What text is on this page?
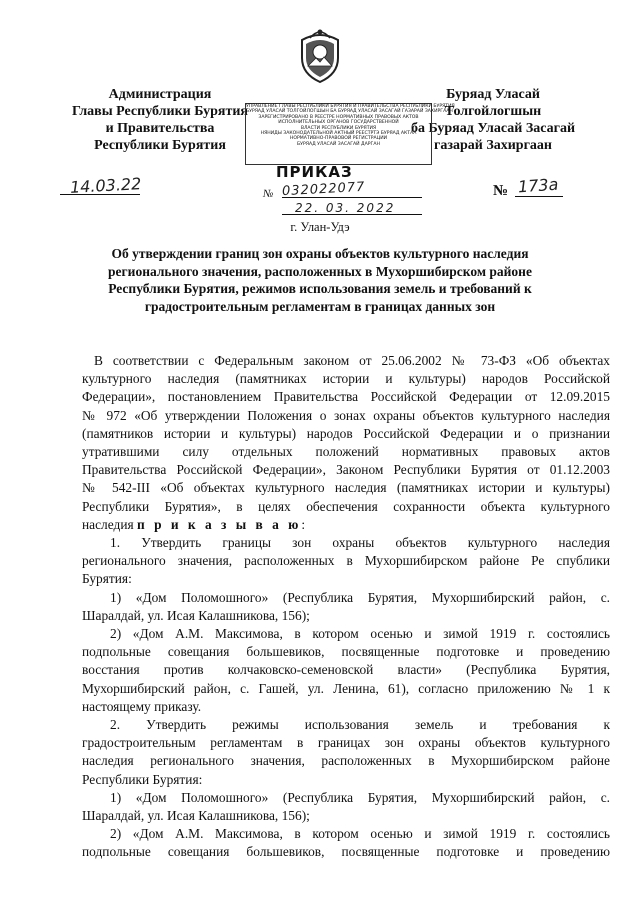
Администрация
Главы Республики Бурятия
и Правительства
Республики Бурятия
Буряад Уласай
Толгойлогшын
ба Буряад Уласай Засагай
газарай Захиргаан
УПРАВЛЕНИЕ ГЛАВЫ РЕСПУБЛИКИ БУРЯТИЯ И ПРАВИТЕЛЬСТВА РЕСПУБЛИКИ БУРЯТИЯ
БУРЯАД УЛАСАЙ ТОЛГОЙЛОГШЫН БА БУРЯАД УЛАСАЙ ЗАСАГАЙ ГАЗАРАЙ ЗАХИРГААН
ЗАРЕГИСТРИРОВАНО В РЕЕСТРЕ НОРМАТИВНЫХ ПРАВОВЫХ АКТОВ
ИСПОЛНИТЕЛЬНЫХ ОРГАНОВ ГОСУДАРСТВЕННОЙ
ВЛАСТИ РЕСПУБЛИКИ БУРЯТИЯ
НЯНИДЫ ЗАКОНОДАТЕЛЬНОЙ АКТНЫЙ РЕЕСТРТЭ БУРЯАД АКТАА
НОРМАТИВНО-ПРАВОВОЙ РЕГИСТРАЦИИ
БУРЯАД УЛАСАЙ ЗАСАГАЙ ДАРГАН
ПРИКАЗ
14.03.22	№ 032022077
22. 03. 2022
№ 173а
г. Улан-Удэ
Об утверждении границ зон охраны объектов культурного наследия
регионального значения, расположенных в Мухоршибирском районе
Республики Бурятия, режимов использования земель и требований к
градостроительным регламентам в границах данных зон
В соответствии с Федеральным законом от 25.06.2002 № 73-ФЗ «Об объектах
культурного наследия (памятниках истории и культуры) народов Российской
Федерации», постановлением Правительства Российской Федерации от 12.09.2015
№ 972 «Об утверждении Положения о зонах охраны объектов культурного наследия
(памятников истории и культуры) народов Российской Федерации и о признании
утратившими силу отдельных положений нормативных правовых актов
Правительства Российской Федерации», Законом Республики Бурятия от 01.12.2003
№ 542-III «Об объектах культурного наследия (памятниках истории и культуры)
Республики Бурятия», в целях обеспечения сохранности объекта культурного
наследия п р и к а з ы в а ю:
1. Утвердить границы зон охраны объектов культурного наследия
регионального значения, расположенных в Мухоршибирском районе Ре спублики
Бурятия:
1) «Дом Поломошного» (Республика Бурятия, Мухоршибирский район, с.
Шаралдай, ул. Исая Калашникова, 156);
2) «Дом А.М. Максимова, в котором осенью и зимой 1919 г. состоялись
подпольные совещания большевиков, посвященные подготовке и проведению
восстания против колчаковско-семеновской власти» (Республика Бурятия,
Мухоршибирский район, с. Гашей, ул. Ленина, 61), согласно приложению № 1 к
настоящему приказу.
2. Утвердить режимы использования земель и требования к
градостроительным регламентам в границах зон охраны объектов культурного
наследия регионального значения, расположенных в Мухоршибирском районе
Республики Бурятия:
1) «Дом Поломошного» (Республика Бурятия, Мухоршибирский район, с.
Шаралдай, ул. Исая Калашникова, 156);
2) «Дом А.М. Максимова, в котором осенью и зимой 1919 г. состоялись
подпольные совещания большевиков, посвященные подготовке и проведению
